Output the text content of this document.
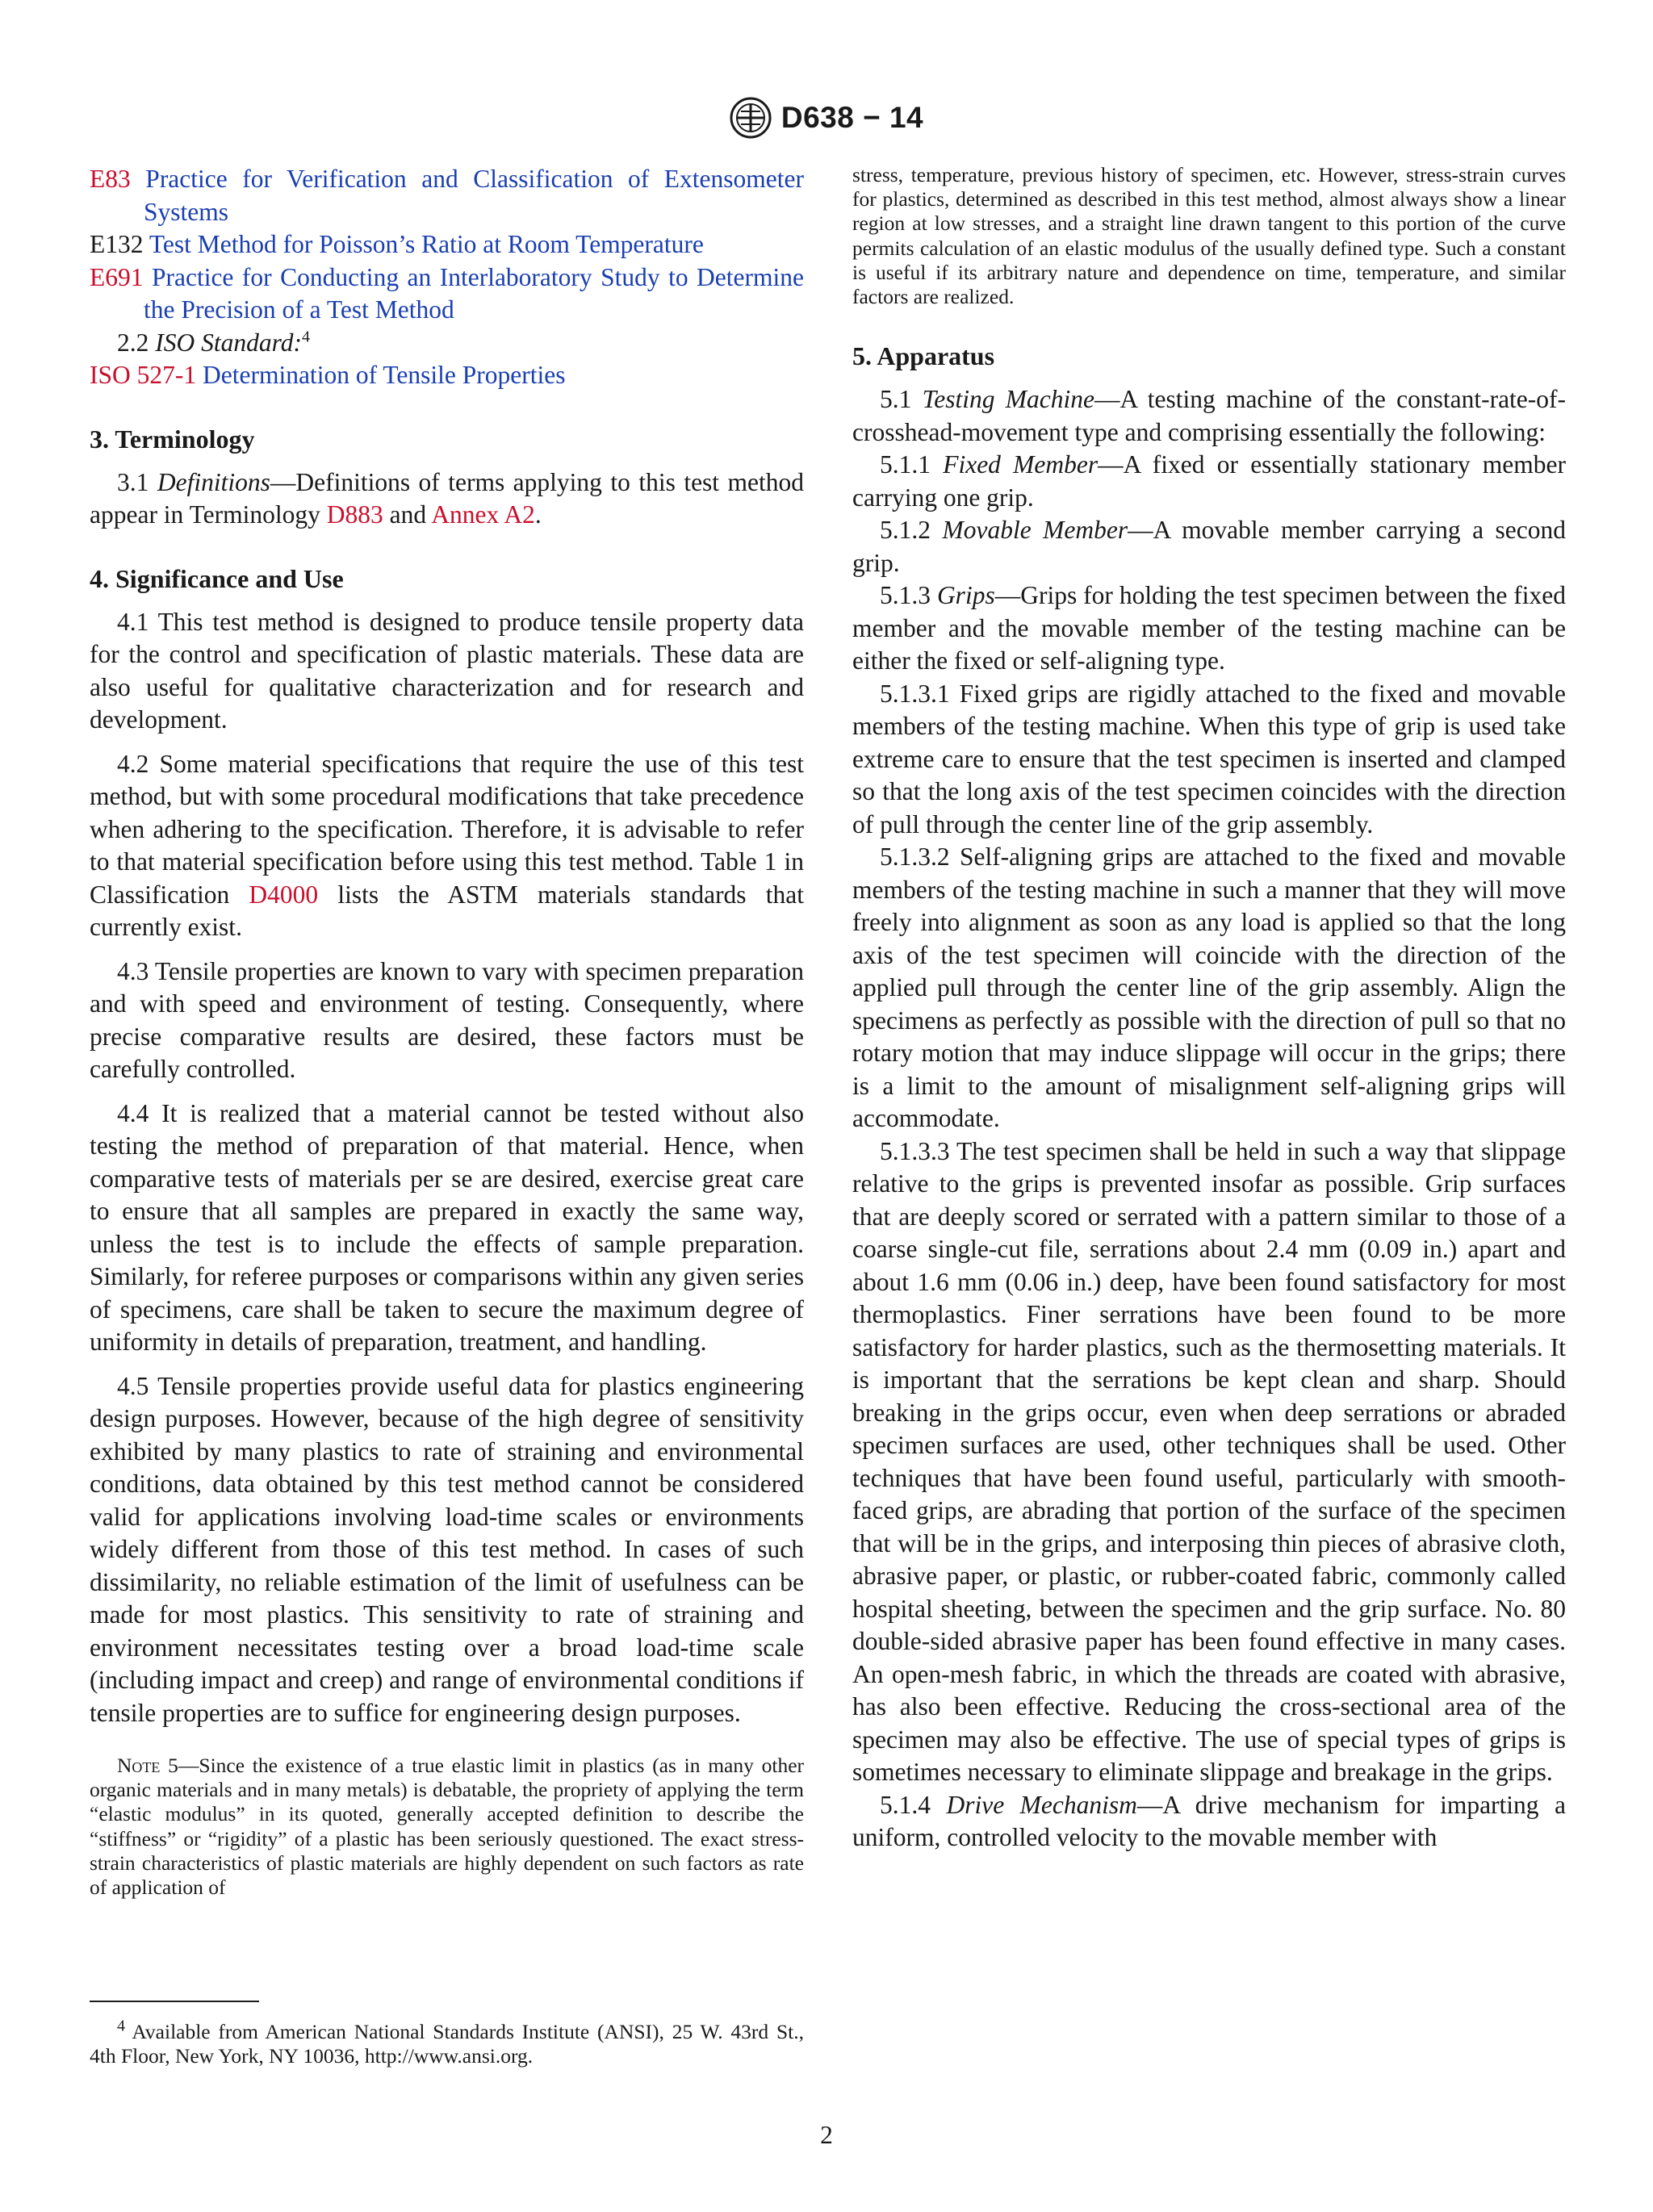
D638 − 14

E83 Practice for Verification and Classification of Extensometer Systems

E132 Test Method for Poisson’s Ratio at Room Temperature

E691 Practice for Conducting an Interlaboratory Study to Determine the Precision of a Test Method

2.2 ISO Standard:$^4$

ISO 527-1 Determination of Tensile Properties

3. Terminology

3.1 Definitions—Definitions of terms applying to this test method appear in Terminology D883 and Annex A2.

4. Significance and Use

4.1 This test method is designed to produce tensile property data for the control and specification of plastic materials. These data are also useful for qualitative characterization and for research and development.

4.2 Some material specifications that require the use of this test method, but with some procedural modifications that take precedence when adhering to the specification. Therefore, it is advisable to refer to that material specification before using this test method. Table 1 in Classification D4000 lists the ASTM materials standards that currently exist.

4.3 Tensile properties are known to vary with specimen preparation and with speed and environment of testing. Consequently, where precise comparative results are desired, these factors must be carefully controlled.

4.4 It is realized that a material cannot be tested without also testing the method of preparation of that material. Hence, when comparative tests of materials per se are desired, exercise great care to ensure that all samples are prepared in exactly the same way, unless the test is to include the effects of sample preparation. Similarly, for referee purposes or comparisons within any given series of specimens, care shall be taken to secure the maximum degree of uniformity in details of preparation, treatment, and handling.

4.5 Tensile properties provide useful data for plastics engineering design purposes. However, because of the high degree of sensitivity exhibited by many plastics to rate of straining and environmental conditions, data obtained by this test method cannot be considered valid for applications involving load-time scales or environments widely different from those of this test method. In cases of such dissimilarity, no reliable estimation of the limit of usefulness can be made for most plastics. This sensitivity to rate of straining and environment necessitates testing over a broad load-time scale (including impact and creep) and range of environmental conditions if tensile properties are to suffice for engineering design purposes.

Note 5—Since the existence of a true elastic limit in plastics (as in many other organic materials and in many metals) is debatable, the propriety of applying the term “elastic modulus” in its quoted, generally accepted definition to describe the “stiffness” or “rigidity” of a plastic has been seriously questioned. The exact stress-strain characteristics of plastic materials are highly dependent on such factors as rate of application of

$^4$ Available from American National Standards Institute (ANSI), 25 W. 43rd St., 4th Floor, New York, NY 10036, http://www.ansi.org.

stress, temperature, previous history of specimen, etc. However, stress-strain curves for plastics, determined as described in this test method, almost always show a linear region at low stresses, and a straight line drawn tangent to this portion of the curve permits calculation of an elastic modulus of the usually defined type. Such a constant is useful if its arbitrary nature and dependence on time, temperature, and similar factors are realized.

5. Apparatus

5.1 Testing Machine—A testing machine of the constant-rate-of-crosshead-movement type and comprising essentially the following:

5.1.1 Fixed Member—A fixed or essentially stationary member carrying one grip.

5.1.2 Movable Member—A movable member carrying a second grip.

5.1.3 Grips—Grips for holding the test specimen between the fixed member and the movable member of the testing machine can be either the fixed or self-aligning type.

5.1.3.1 Fixed grips are rigidly attached to the fixed and movable members of the testing machine. When this type of grip is used take extreme care to ensure that the test specimen is inserted and clamped so that the long axis of the test specimen coincides with the direction of pull through the center line of the grip assembly.

5.1.3.2 Self-aligning grips are attached to the fixed and movable members of the testing machine in such a manner that they will move freely into alignment as soon as any load is applied so that the long axis of the test specimen will coincide with the direction of the applied pull through the center line of the grip assembly. Align the specimens as perfectly as possible with the direction of pull so that no rotary motion that may induce slippage will occur in the grips; there is a limit to the amount of misalignment self-aligning grips will accommodate.

5.1.3.3 The test specimen shall be held in such a way that slippage relative to the grips is prevented insofar as possible. Grip surfaces that are deeply scored or serrated with a pattern similar to those of a coarse single-cut file, serrations about 2.4 mm (0.09 in.) apart and about 1.6 mm (0.06 in.) deep, have been found satisfactory for most thermoplastics. Finer serrations have been found to be more satisfactory for harder plastics, such as the thermosetting materials. It is important that the serrations be kept clean and sharp. Should breaking in the grips occur, even when deep serrations or abraded specimen surfaces are used, other techniques shall be used. Other techniques that have been found useful, particularly with smooth-faced grips, are abrading that portion of the surface of the specimen that will be in the grips, and interposing thin pieces of abrasive cloth, abrasive paper, or plastic, or rubber-coated fabric, commonly called hospital sheeting, between the specimen and the grip surface. No. 80 double-sided abrasive paper has been found effective in many cases. An open-mesh fabric, in which the threads are coated with abrasive, has also been effective. Reducing the cross-sectional area of the specimen may also be effective. The use of special types of grips is sometimes necessary to eliminate slippage and breakage in the grips.

5.1.4 Drive Mechanism—A drive mechanism for imparting a uniform, controlled velocity to the movable member with

2
